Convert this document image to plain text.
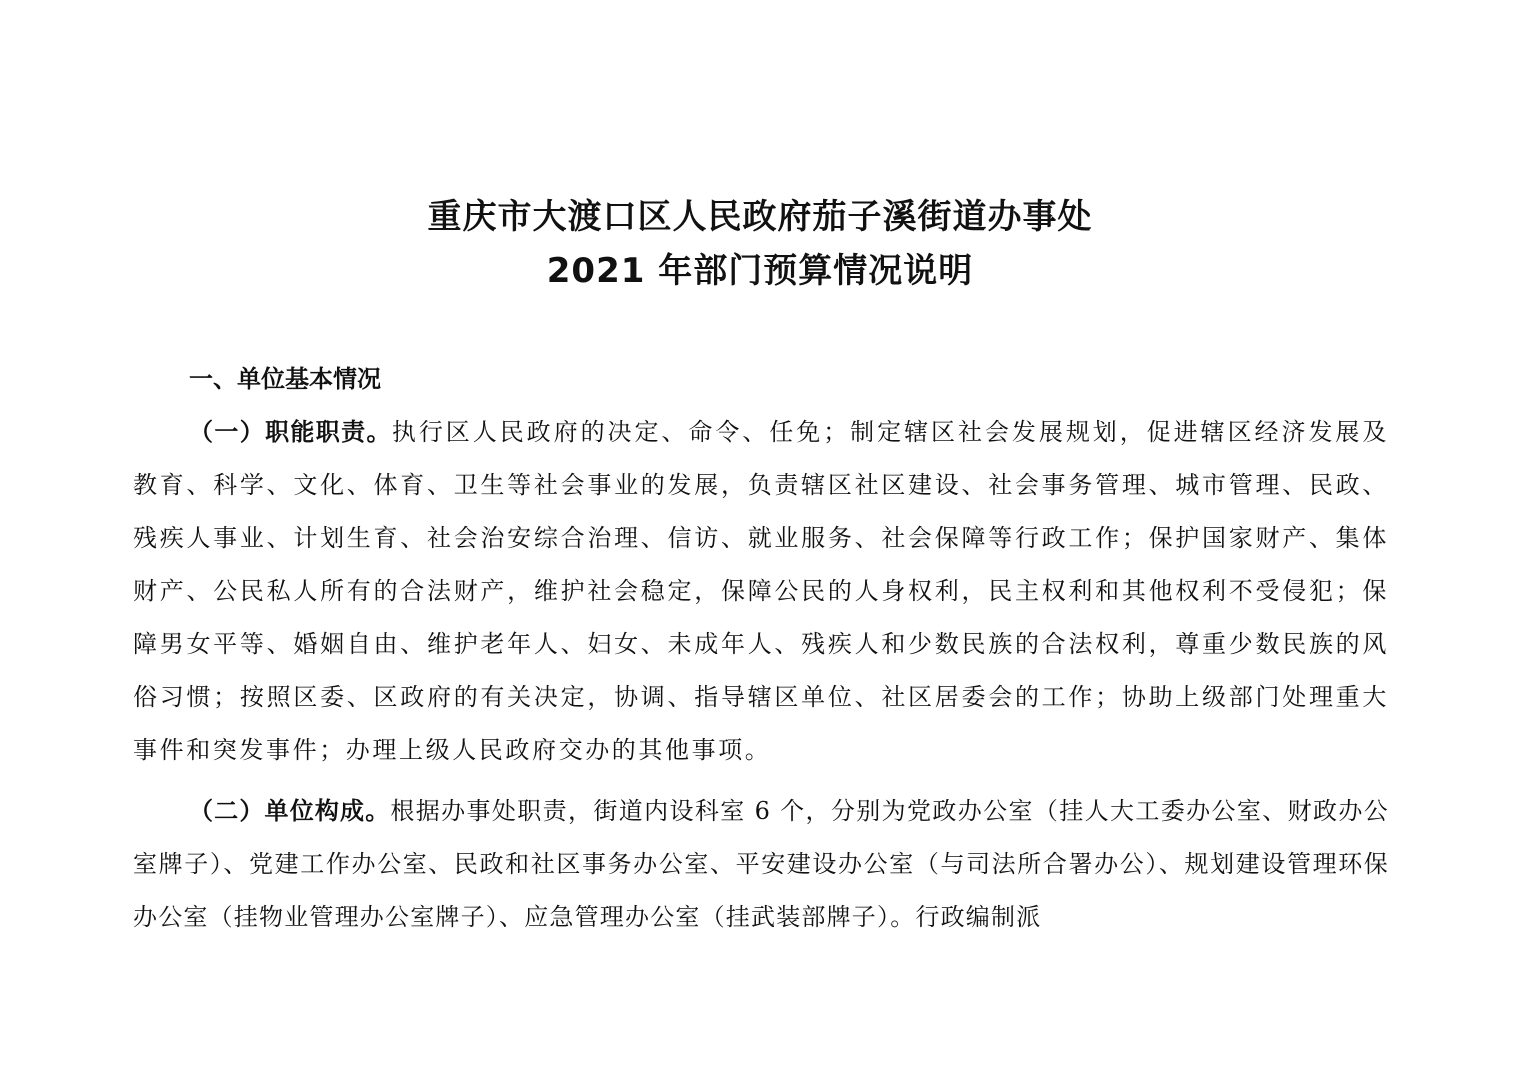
重庆市大渡口区人民政府茄子溪街道办事处
2021 年部门预算情况说明
一、单位基本情况

（一）职能职责。执行区人民政府的决定、命令、任免；制定辖区社会发展规划，促进辖区经济发展及教育、科学、文化、体育、卫生等社会事业的发展，负责辖区社区建设、社会事务管理、城市管理、民政、残疾人事业、计划生育、社会治安综合治理、信访、就业服务、社会保障等行政工作；保护国家财产、集体财产、公民私人所有的合法财产，维护社会稳定，保障公民的人身权利，民主权利和其他权利不受侵犯；保障男女平等、婚姻自由、维护老年人、妇女、未成年人、残疾人和少数民族的合法权利，尊重少数民族的风俗习惯；按照区委、区政府的有关决定，协调、指导辖区单位、社区居委会的工作；协助上级部门处理重大事件和突发事件；办理上级人民政府交办的其他事项。

（二）单位构成。根据办事处职责，街道内设科室 6 个，分别为党政办公室（挂人大工委办公室、财政办公室牌子）、党建工作办公室、民政和社区事务办公室、平安建设办公室（与司法所合署办公）、规划建设管理环保办公室（挂物业管理办公室牌子）、应急管理办公室（挂武装部牌子）。行政编制派
